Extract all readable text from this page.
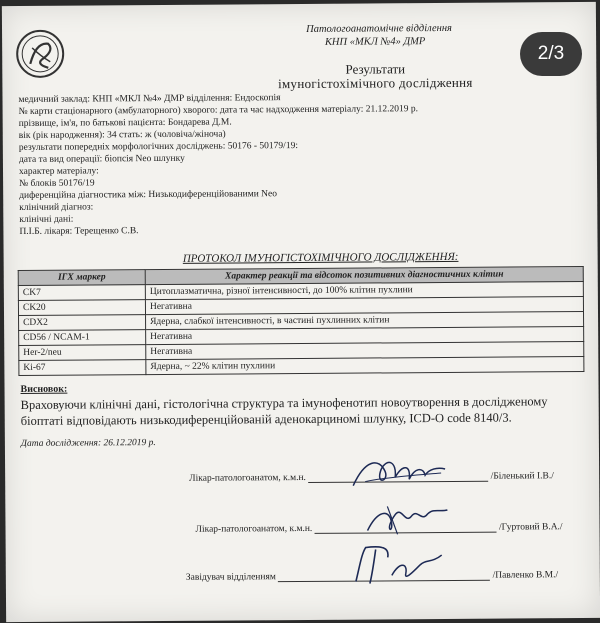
2/3
Патологоанатомічне відділення
КНП «МКЛ №4» ДМР
Результати
імуногістохімічного дослідження
медичний заклад: КНП «МКЛ №4» ДМР відділення: Ендоскопія
№ карти стаціонарного (амбулаторного) хворого: дата та час надходження матеріалу: 21.12.2019 р.
прізвище, ім'я, по батькові пацієнта: Бондарева Д.М.
вік (рік народження): 34 стать: ж (чоловіча/жіноча)
результати попередніх морфологічних досліджень: 50176 - 50179/19:
дата та вид операції: біопсія Neo шлунку
характер матеріалу:
№ блоків 50176/19
диференційна діагностика між: Низькодиференційованими Neo
клінічний діагноз:
клінічні дані:
П.І.Б. лікаря: Терещенко С.В.
ПРОТОКОЛ ІМУНОГІСТОХІМІЧНОГО ДОСЛІДЖЕННЯ:
ІГХ маркер	Характер реакції та відсоток позитивних діагностичних клітин
CK7	Цитоплазматична, різної інтенсивності, до 100% клітин пухлини
CK20	Негативна
CDX2	Ядерна, слабкої інтенсивності, в частині пухлинних клітин
CD56 / NCAM-1	Негативна
Her-2/neu	Негативна
Ki-67	Ядерна, ~ 22% клітин пухлини
Висновок:
Враховуючи клінічні дані, гістологічна структура та імунофенотип новоутворення в дослідженому біоптаті відповідають низькодиференційованій аденокарциномі шлунку, ICD-O code 8140/3.
Дата дослідження: 26.12.2019 р.
Лікар-патологоанатом, к.м.н.	/Біленький І.В./
Лікар-патологоанатом, к.м.н.	/Гуртовий В.А./
Завідувач відділенням	/Павленко В.М./
